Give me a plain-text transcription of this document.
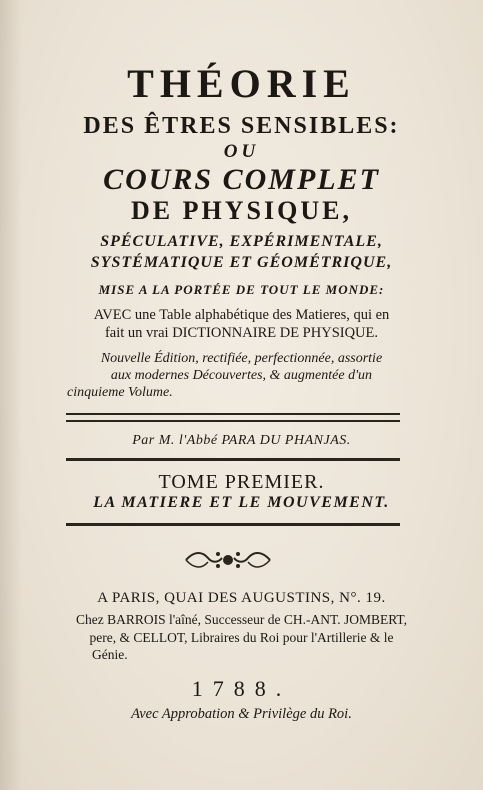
THÉORIE
DES ÊTRES SENSIBLES:
OU
COURS COMPLET
DE PHYSIQUE,
SPÉCULATIVE, EXPÉRIMENTALE,
SYSTÉMATIQUE ET GÉOMÉTRIQUE,
MISE A LA PORTÉE DE TOUT LE MONDE:
AVEC une Table alphabétique des Matieres, qui en
fait un vrai DICTIONNAIRE DE PHYSIQUE.
Nouvelle Édition, rectifiée, perfectionnée, assortie
aux modernes Découvertes, & augmentée d'un
cinquieme Volume.
Par M. l'Abbé PARA DU PHANJAS.
TOME PREMIER.
LA MATIERE ET LE MOUVEMENT.
A PARIS, QUAI DES AUGUSTINS, N°. 19.
Chez BARROIS l'aîné, Successeur de CH.-ANT. JOMBERT,
pere, & CELLOT, Libraires du Roi pour l'Artillerie & le
Génie.
1788.
Avec Approbation & Privilège du Roi.
